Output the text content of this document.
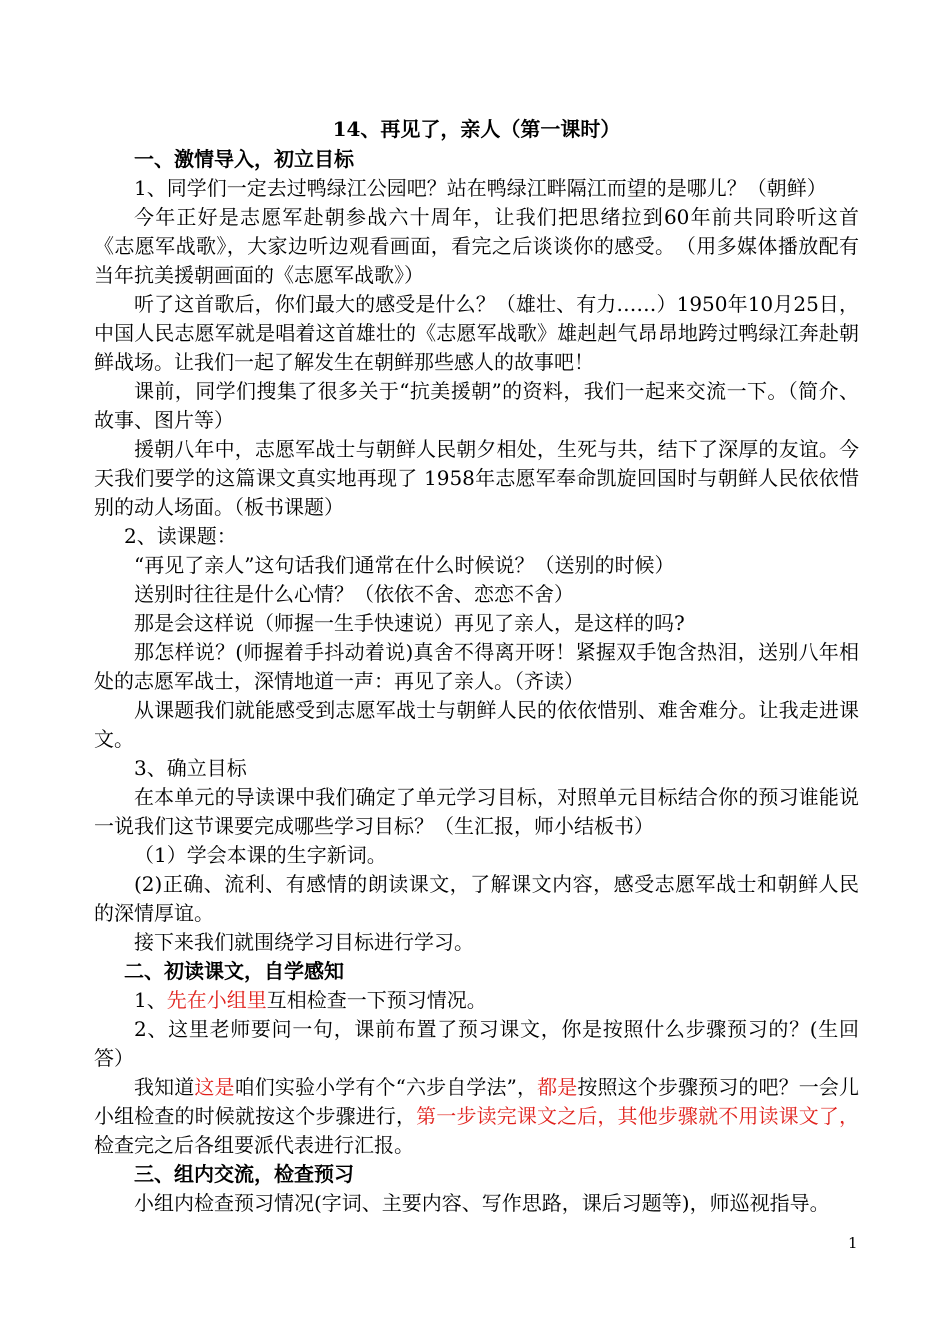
14、再见了，亲人（第一课时）

一、激情导入，初立目标

1、同学们一定去过鸭绿江公园吧？站在鸭绿江畔隔江而望的是哪儿？（朝鲜）

今年正好是志愿军赴朝参战六十周年，让我们把思绪拉到60年前共同聆听这首《志愿军战歌》，大家边听边观看画面，看完之后谈谈你的感受。　（用多媒体播放配有当年抗美援朝画面的《志愿军战歌》）

听了这首歌后，你们最大的感受是什么？（雄壮、有力……）1950年10月25日，中国人民志愿军就是唱着这首雄壮的《志愿军战歌》雄赳赳气昂昂地跨过鸭绿江奔赴朝鲜战场。让我们一起了解发生在朝鲜那些感人的故事吧！

课前，同学们搜集了很多关于“抗美援朝”的资料，我们一起来交流一下。（简介、故事、图片等）

援朝八年中，志愿军战士与朝鲜人民朝夕相处，生死与共，结下了深厚的友谊。今天我们要学的这篇课文真实地再现了 1958年志愿军奉命凯旋回国时与朝鲜人民依依惜别的动人场面。（板书课题）

2、读课题：

“再见了亲人”这句话我们通常在什么时候说？（送别的时候）

送别时往往是什么心情？（依依不舍、恋恋不舍）

那是会这样说（师握一生手快速说）再见了亲人，是这样的吗?

那怎样说？(师握着手抖动着说)真舍不得离开呀！紧握双手饱含热泪，送别八年相处的志愿军战士，深情地道一声：再见了亲人。（齐读）

从课题我们就能感受到志愿军战士与朝鲜人民的依依惜别、难舍难分。让我走进课文。

3、确立目标

在本单元的导读课中我们确定了单元学习目标，对照单元目标结合你的预习谁能说一说我们这节课要完成哪些学习目标？（生汇报，师小结板书）

（1）学会本课的生字新词。

(2)正确、流利、有感情的朗读课文，了解课文内容，感受志愿军战士和朝鲜人民的深情厚谊。

接下来我们就围绕学习目标进行学习。

二、初读课文，自学感知

1、先在小组里互相检查一下预习情况。

2、这里老师要问一句，课前布置了预习课文，你是按照什么步骤预习的？(生回答）

我知道这是咱们实验小学有个“六步自学法”，都是按照这个步骤预习的吧？一会儿小组检查的时候就按这个步骤进行，第一步读完课文之后，其他步骤就不用读课文了，检查完之后各组要派代表进行汇报。

三、组内交流，检查预习

小组内检查预习情况(字词、主要内容、写作思路，课后习题等)，师巡视指导。

1
